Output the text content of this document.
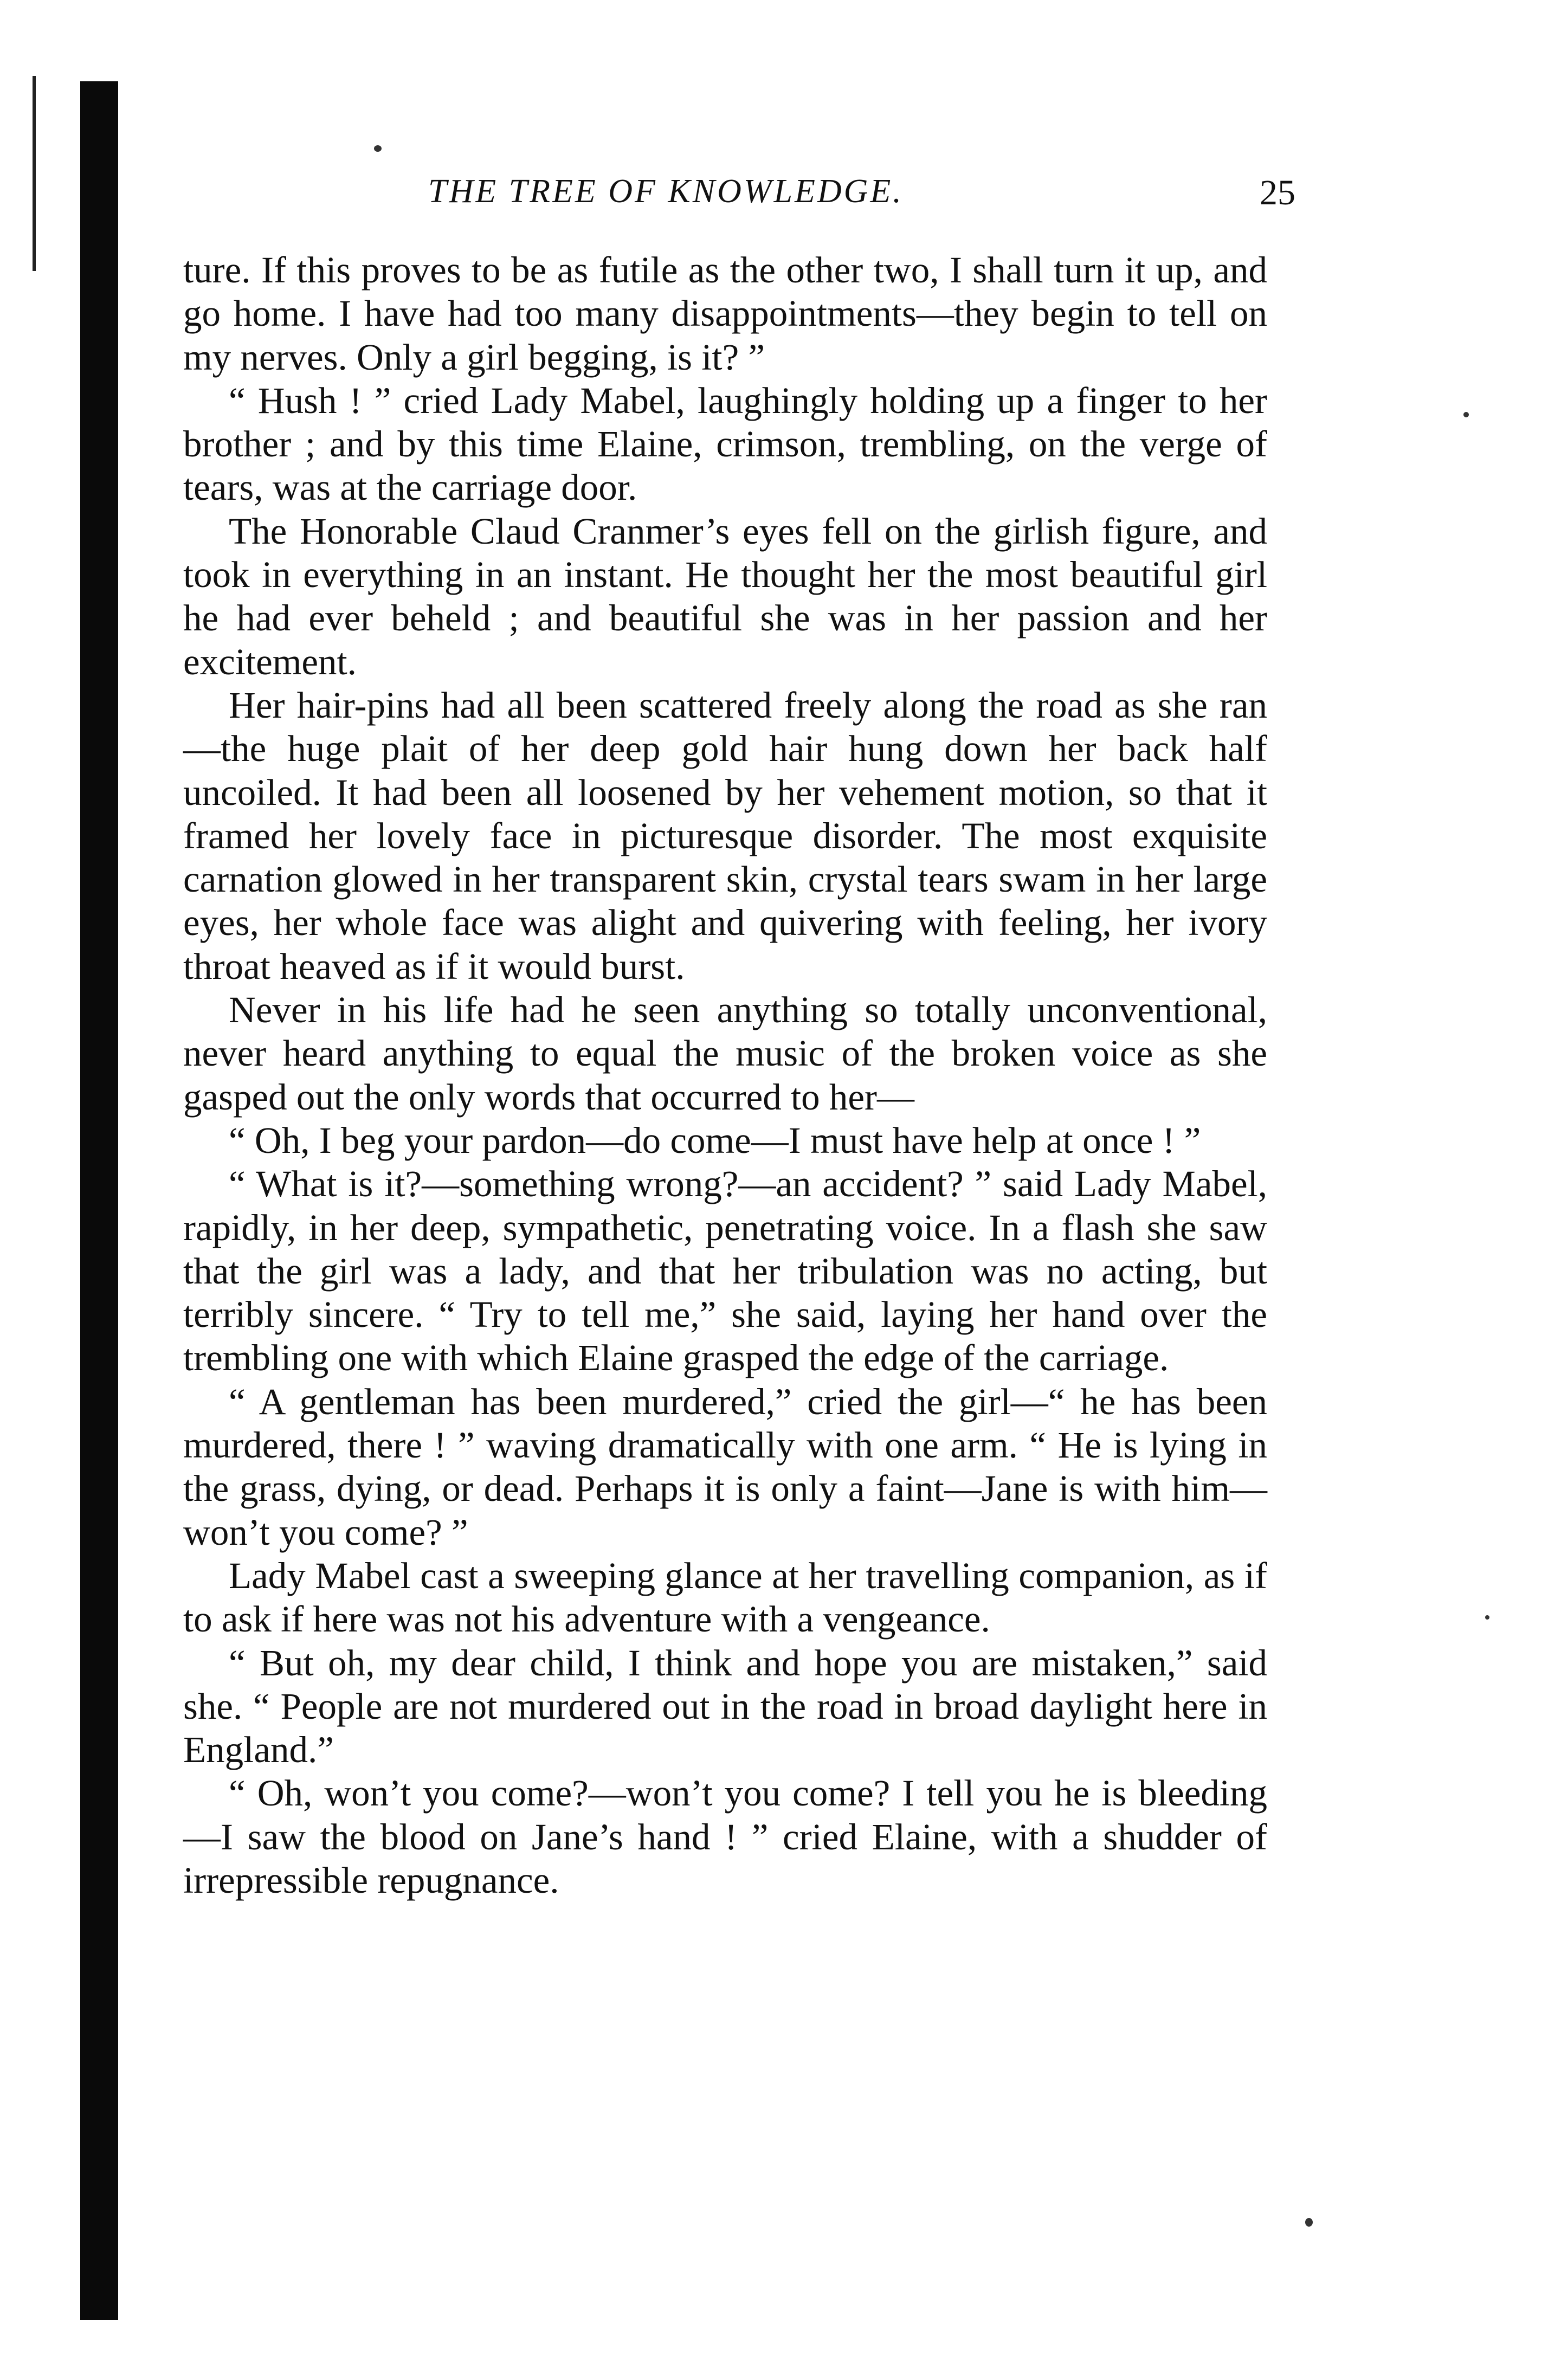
THE TREE OF KNOWLEDGE.	25

ture. If this proves to be as futile as the other two, I shall turn it up, and go home. I have had too many disappointments—they begin to tell on my nerves. Only a girl begging, is it? ”

“ Hush ! ” cried Lady Mabel, laughingly holding up a finger to her brother ; and by this time Elaine, crimson, trembling, on the verge of tears, was at the carriage door.

The Honorable Claud Cranmer’s eyes fell on the girlish figure, and took in everything in an instant. He thought her the most beautiful girl he had ever beheld ; and beautiful she was in her passion and her excitement.

Her hair-pins had all been scattered freely along the road as she ran—the huge plait of her deep gold hair hung down her back half uncoiled. It had been all loosened by her vehement motion, so that it framed her lovely face in picturesque disorder. The most exquisite carnation glowed in her transparent skin, crystal tears swam in her large eyes, her whole face was alight and quivering with feeling, her ivory throat heaved as if it would burst.

Never in his life had he seen anything so totally unconventional, never heard anything to equal the music of the broken voice as she gasped out the only words that occurred to her—

“ Oh, I beg your pardon—do come—I must have help at once ! ”

“ What is it?—something wrong?—an accident? ” said Lady Mabel, rapidly, in her deep, sympathetic, penetrating voice. In a flash she saw that the girl was a lady, and that her tribulation was no acting, but terribly sincere. “ Try to tell me,” she said, laying her hand over the trembling one with which Elaine grasped the edge of the carriage.

“ A gentleman has been murdered,” cried the girl—“ he has been murdered, there ! ” waving dramatically with one arm. “ He is lying in the grass, dying, or dead. Perhaps it is only a faint—Jane is with him—won’t you come? ”

Lady Mabel cast a sweeping glance at her travelling companion, as if to ask if here was not his adventure with a vengeance.

“ But oh, my dear child, I think and hope you are mistaken,” said she. “ People are not murdered out in the road in broad daylight here in England.”

“ Oh, won’t you come?—won’t you come? I tell you he is bleeding—I saw the blood on Jane’s hand ! ” cried Elaine, with a shudder of irrepressible repugnance.
